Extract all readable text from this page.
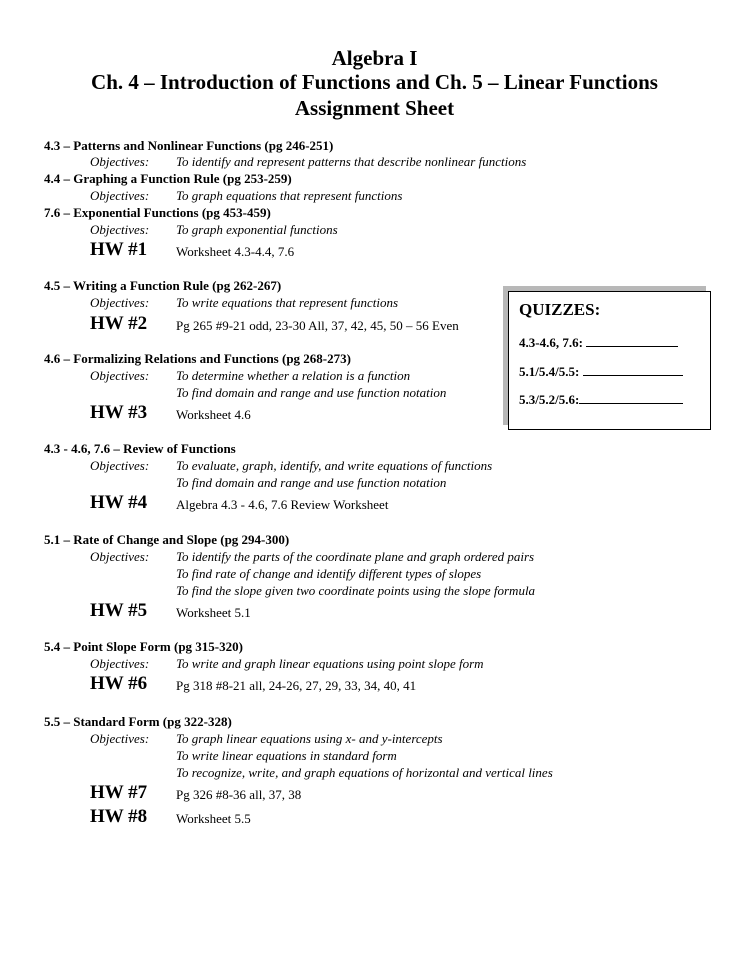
Algebra I
Ch. 4 – Introduction of Functions and Ch. 5 – Linear Functions
Assignment Sheet
4.3 – Patterns and Nonlinear Functions (pg 246-251)
Objectives: To identify and represent patterns that describe nonlinear functions
4.4 – Graphing a Function Rule (pg 253-259)
Objectives: To graph equations that represent functions
7.6 – Exponential Functions (pg 453-459)
Objectives: To graph exponential functions
HW #1 Worksheet 4.3-4.4, 7.6
4.5 – Writing a Function Rule (pg 262-267)
Objectives: To write equations that represent functions
HW #2 Pg 265 #9-21 odd, 23-30 All, 37, 42, 45, 50 – 56 Even
4.6 – Formalizing Relations and Functions (pg 268-273)
Objectives: To determine whether a relation is a function
To find domain and range and use function notation
HW #3 Worksheet 4.6
4.3 - 4.6, 7.6 – Review of Functions
Objectives: To evaluate, graph, identify, and write equations of functions
To find domain and range and use function notation
HW #4 Algebra 4.3 - 4.6, 7.6 Review Worksheet
5.1 – Rate of Change and Slope (pg 294-300)
Objectives: To identify the parts of the coordinate plane and graph ordered pairs
To find rate of change and identify different types of slopes
To find the slope given two coordinate points using the slope formula
HW #5 Worksheet 5.1
5.4 – Point Slope Form (pg 315-320)
Objectives: To write and graph linear equations using point slope form
HW #6 Pg 318 #8-21 all, 24-26, 27, 29, 33, 34, 40, 41
5.5 – Standard Form (pg 322-328)
Objectives: To graph linear equations using x- and y-intercepts
To write linear equations in standard form
To recognize, write, and graph equations of horizontal and vertical lines
HW #7 Pg 326 #8-36 all, 37, 38
HW #8 Worksheet 5.5
QUIZZES:
4.3-4.6, 7.6:
5.1/5.4/5.5:
5.3/5.2/5.6:
